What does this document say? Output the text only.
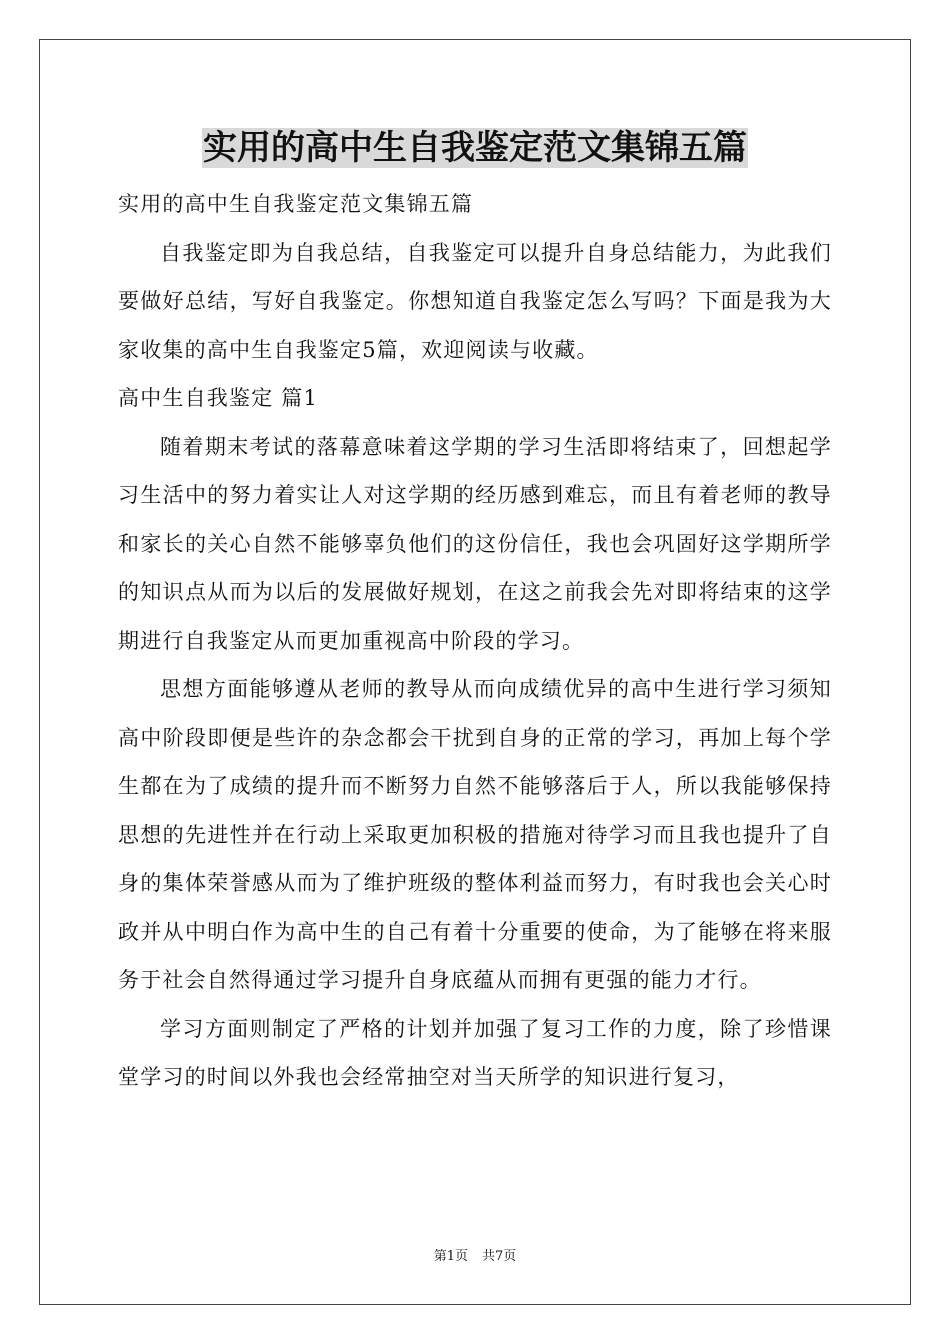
实用的高中生自我鉴定范文集锦五篇

实用的高中生自我鉴定范文集锦五篇

自我鉴定即为自我总结，自我鉴定可以提升自身总结能力，为此我们要做好总结，写好自我鉴定。你想知道自我鉴定怎么写吗？下面是我为大家收集的高中生自我鉴定5篇，欢迎阅读与收藏。

高中生自我鉴定 篇1

随着期末考试的落幕意味着这学期的学习生活即将结束了，回想起学习生活中的努力着实让人对这学期的经历感到难忘，而且有着老师的教导和家长的关心自然不能够辜负他们的这份信任，我也会巩固好这学期所学的知识点从而为以后的发展做好规划，在这之前我会先对即将结束的这学期进行自我鉴定从而更加重视高中阶段的学习。

思想方面能够遵从老师的教导从而向成绩优异的高中生进行学习须知高中阶段即便是些许的杂念都会干扰到自身的正常的学习，再加上每个学生都在为了成绩的提升而不断努力自然不能够落后于人，所以我能够保持思想的先进性并在行动上采取更加积极的措施对待学习而且我也提升了自身的集体荣誉感从而为了维护班级的整体利益而努力，有时我也会关心时政并从中明白作为高中生的自己有着十分重要的使命，为了能够在将来服务于社会自然得通过学习提升自身底蕴从而拥有更强的能力才行。

学习方面则制定了严格的计划并加强了复习工作的力度，除了珍惜课堂学习的时间以外我也会经常抽空对当天所学的知识进行复习，

第1页 共7页
